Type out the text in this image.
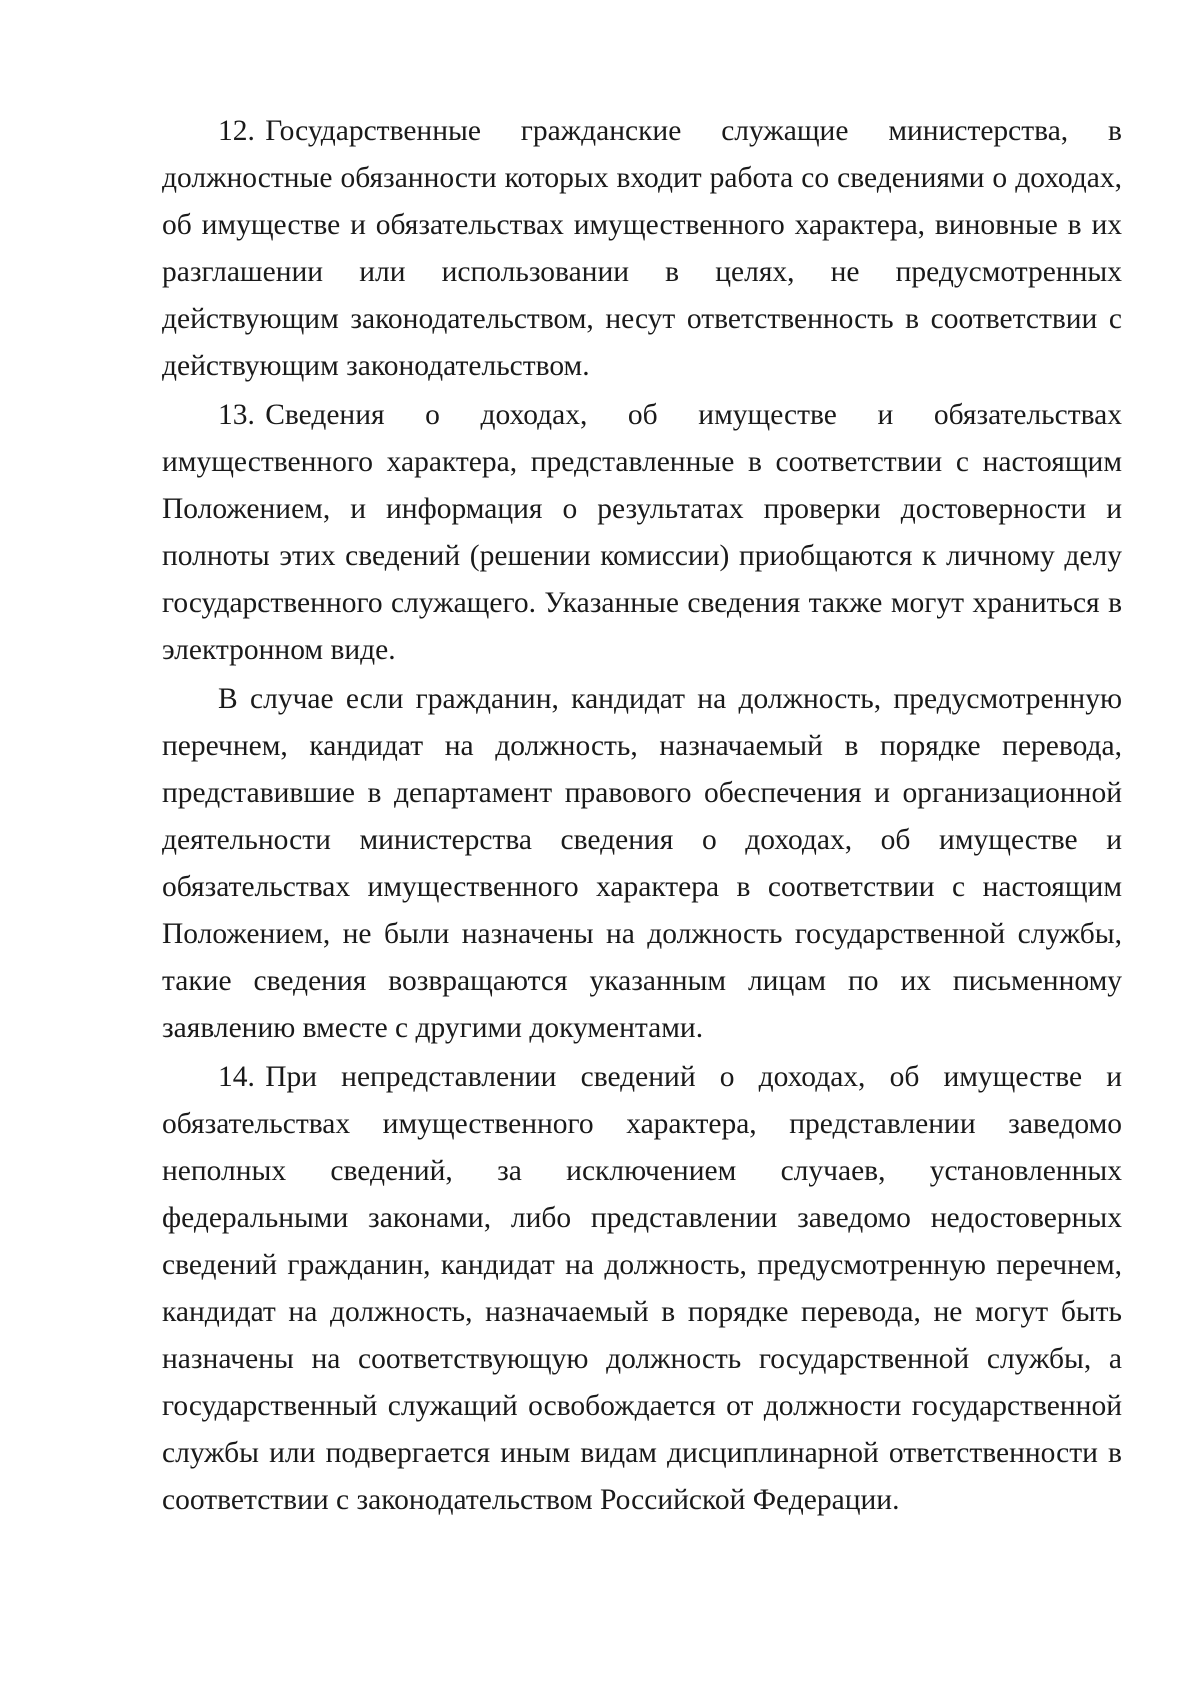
12. Государственные гражданские служащие министерства, в должностные обязанности которых входит работа со сведениями о доходах, об имуществе и обязательствах имущественного характера, виновные в их разглашении или использовании в целях, не предусмотренных действующим законодательством, несут ответственность в соответствии с действующим законодательством.

13. Сведения о доходах, об имуществе и обязательствах имущественного характера, представленные в соответствии с настоящим Положением, и информация о результатах проверки достоверности и полноты этих сведений (решении комиссии) приобщаются к личному делу государственного служащего. Указанные сведения также могут храниться в электронном виде.

В случае если гражданин, кандидат на должность, предусмотренную перечнем, кандидат на должность, назначаемый в порядке перевода, представившие в департамент правового обеспечения и организационной деятельности министерства сведения о доходах, об имуществе и обязательствах имущественного характера в соответствии с настоящим Положением, не были назначены на должность государственной службы, такие сведения возвращаются указанным лицам по их письменному заявлению вместе с другими документами.

14. При непредставлении сведений о доходах, об имуществе и обязательствах имущественного характера, представлении заведомо неполных сведений, за исключением случаев, установленных федеральными законами, либо представлении заведомо недостоверных сведений гражданин, кандидат на должность, предусмотренную перечнем, кандидат на должность, назначаемый в порядке перевода, не могут быть назначены на соответствующую должность государственной службы, а государственный служащий освобождается от должности государственной службы или подвергается иным видам дисциплинарной ответственности в соответствии с законодательством Российской Федерации.
